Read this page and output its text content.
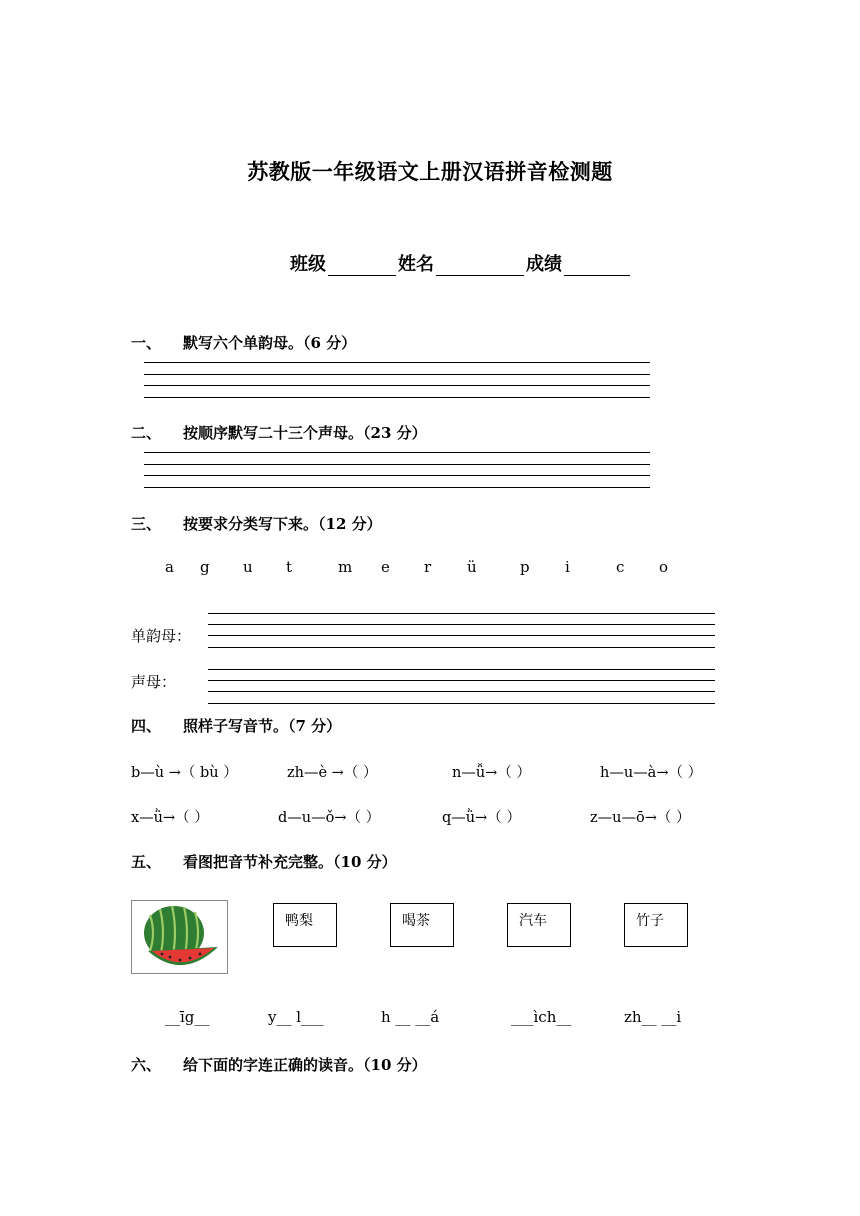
苏教版一年级语文上册汉语拼音检测题
班级	姓名	成绩
一、 默写六个单韵母。（6 分）
二、 按顺序默写二十三个声母。（23 分）
三、 按要求分类写下来。（12 分）
a g u t	m e r ü	p i	c o
单韵母：
声母：
四、 照样子写音节。（7 分）
b—ù →（ bù ）	zh—è →（ ）	n—ǚ→（ ）	h—u—à→（ ）
x—ǜ→（ ）	d—u—ǒ→（ ）	q—ǜ→（ ）	z—u—ō→（ ）
五、 看图把音节补充完整。（10 分）
鸭梨	喝茶	汽车	竹子
__īg__	y__ l___	h __ __á	___ìch__	zh__ __i
六、 给下面的字连正确的读音。（10 分）
